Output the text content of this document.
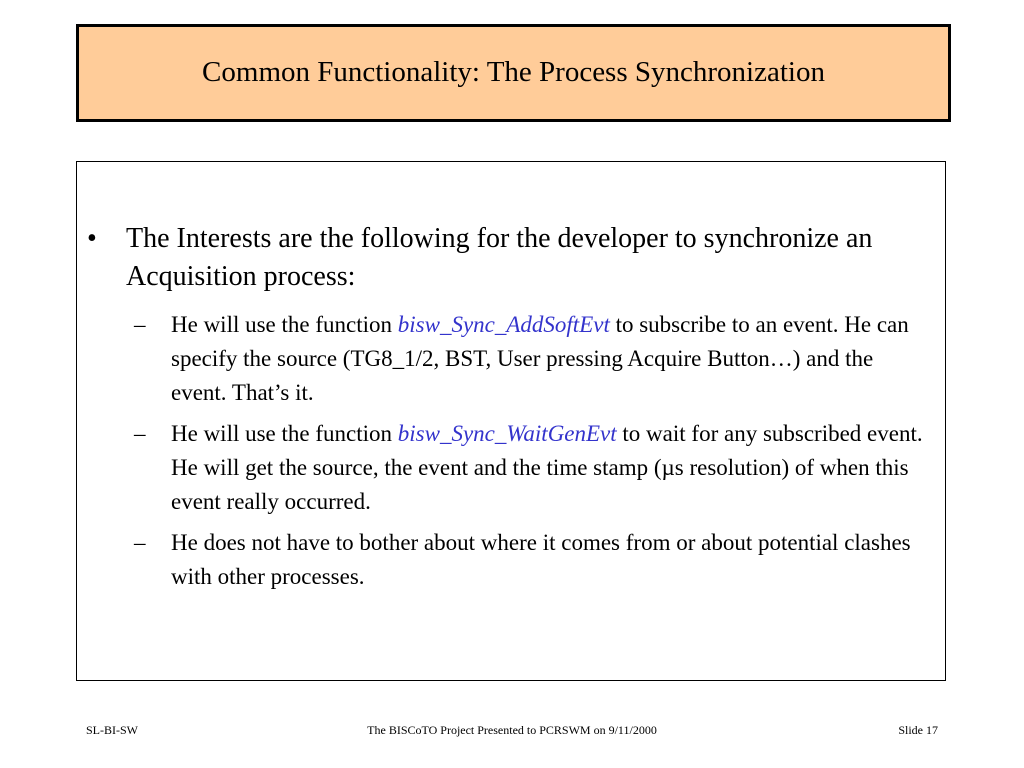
Common Functionality: The Process Synchronization
•	The Interests are the following for the developer to synchronize an Acquisition process:
– He will use the function bisw_Sync_AddSoftEvt to subscribe to an event. He can specify the source (TG8_1/2, BST, User pressing Acquire Button…) and the event. That’s it.
– He will use the function bisw_Sync_WaitGenEvt to wait for any subscribed event. He will get the source, the event and the time stamp (µs resolution) of when this event really occurred.
– He does not have to bother about where it comes from or about potential clashes with other processes.
SL-BI-SW	The BISCoTO Project Presented to PCRSWM on 9/11/2000	Slide 17
